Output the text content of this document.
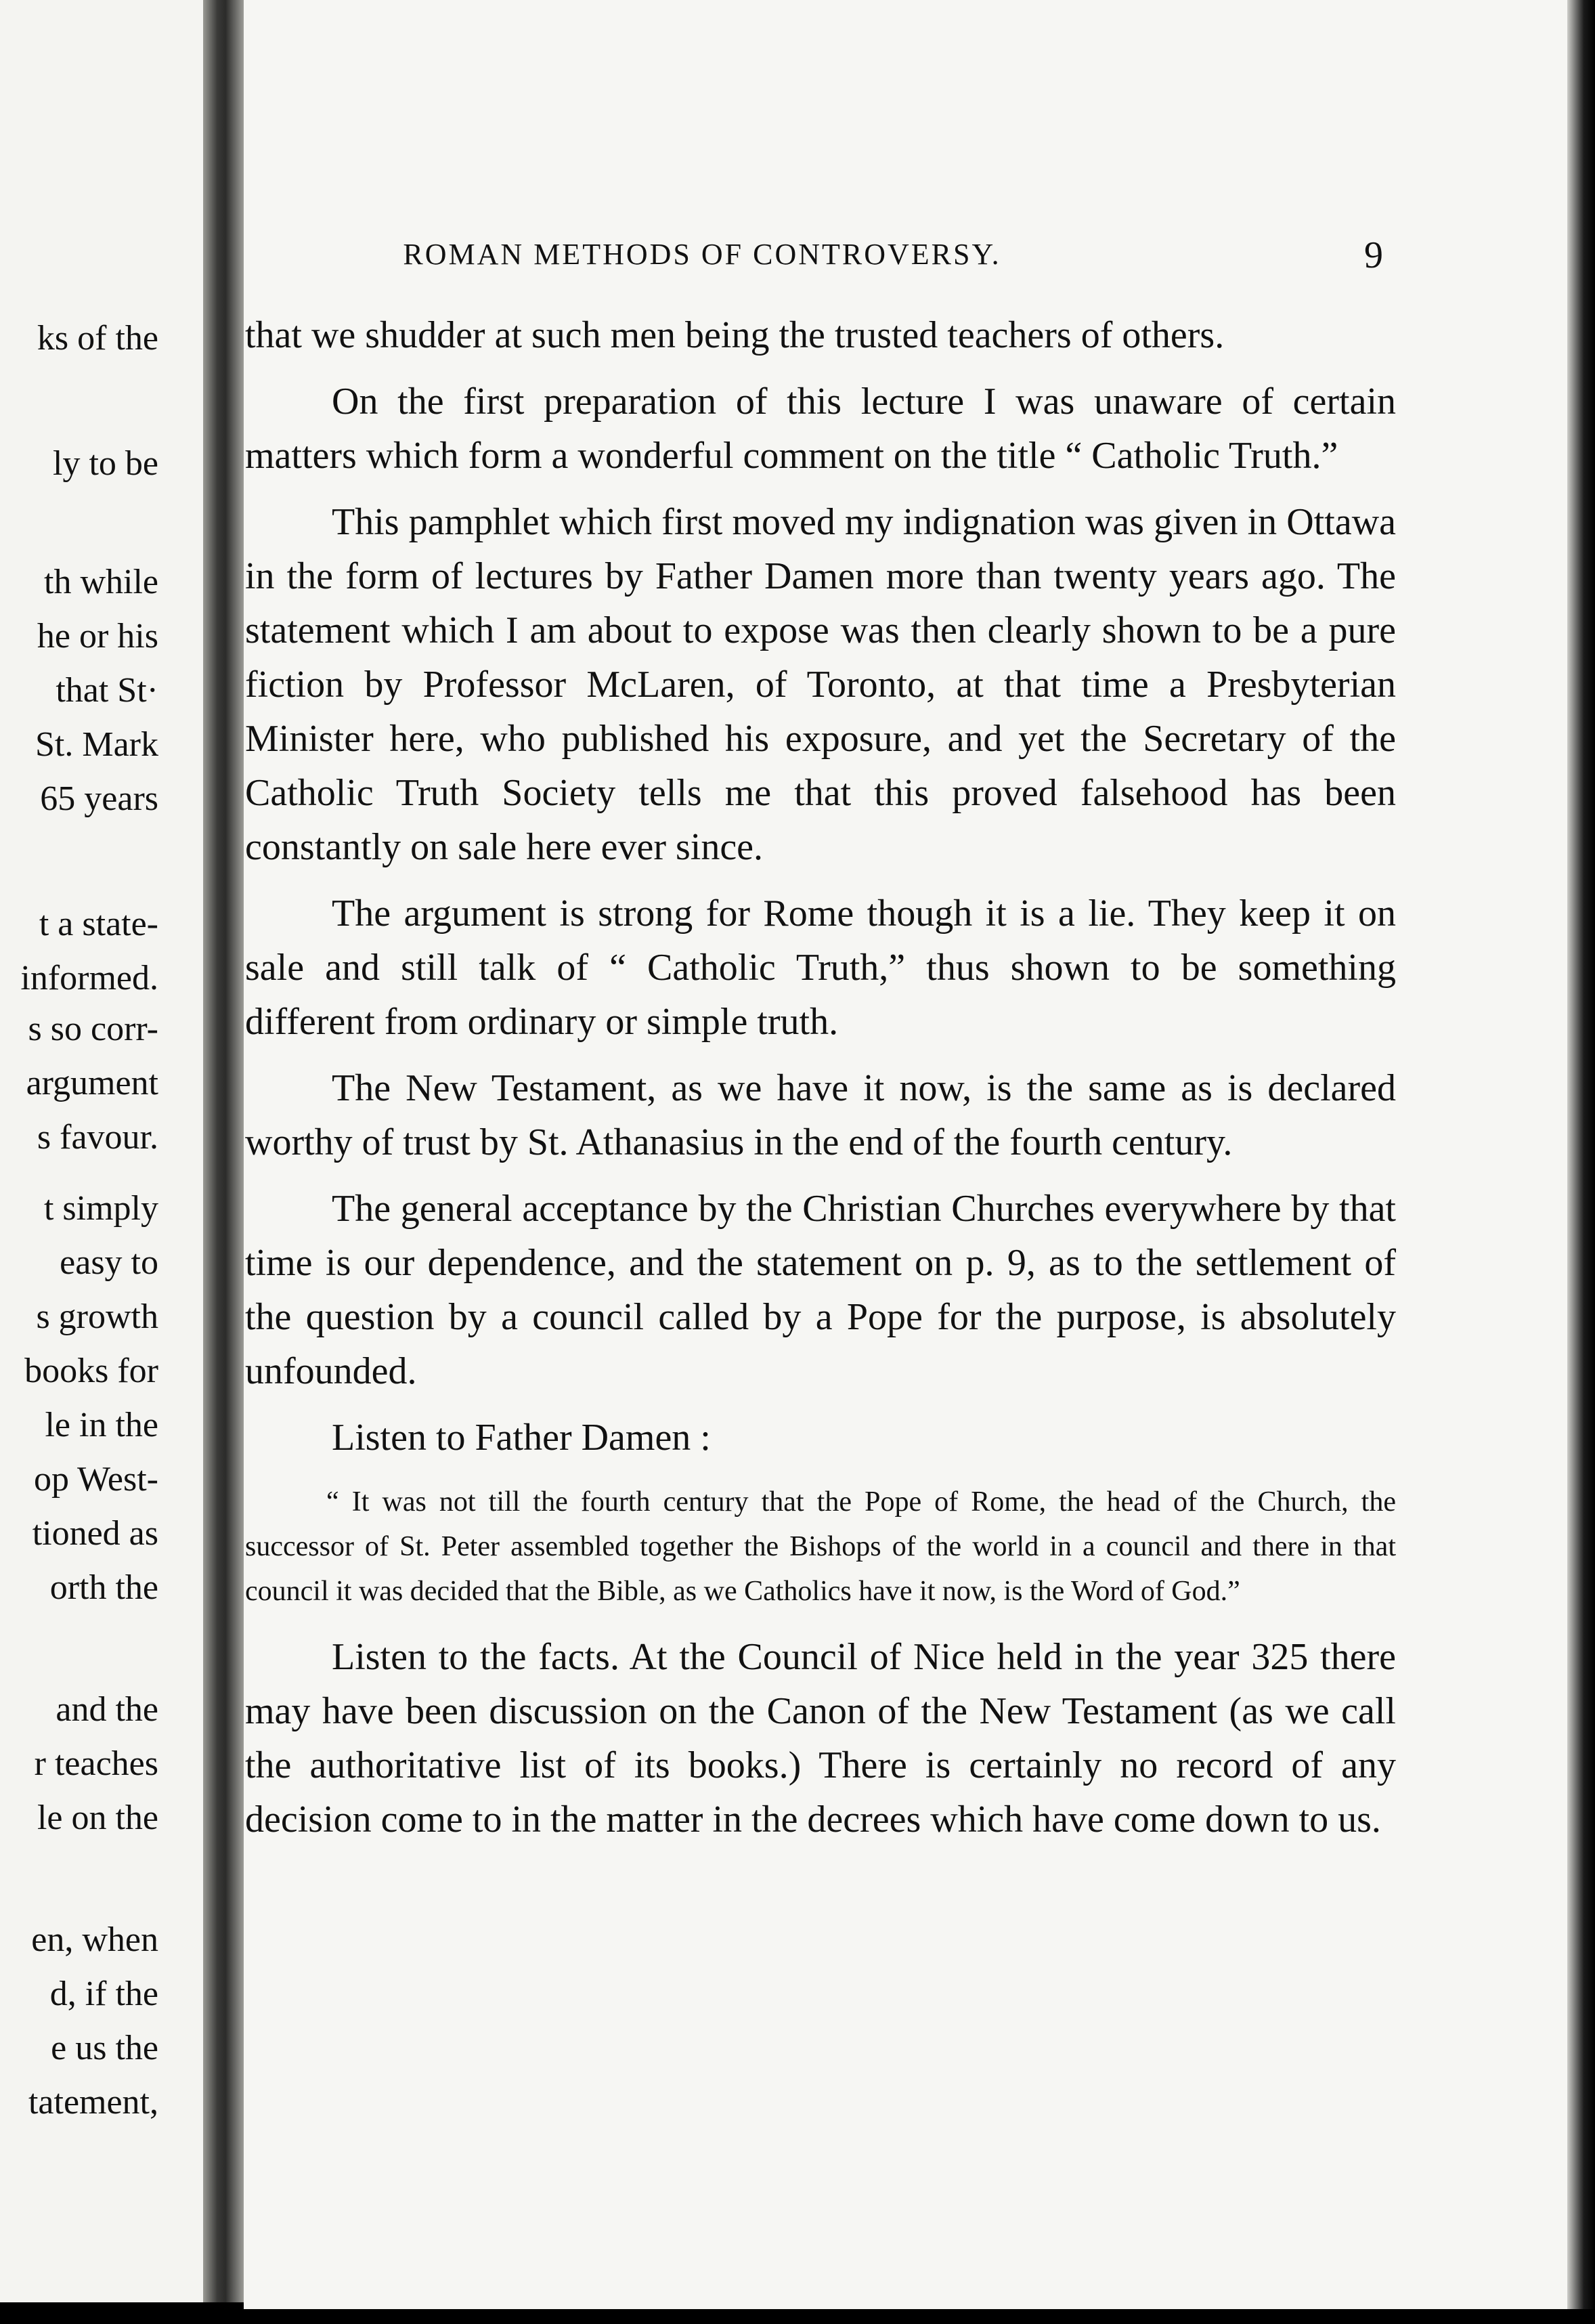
ks of the
ly to be
th while
he or his
that St·
St. Mark
65 years
t a state-
informed.
s so corr-
argument
s favour.
t simply
easy to
s growth
books for
le in the
op West-
tioned as
orth the
and the
r teaches
le on the
en, when
d, if the
e us the
tatement,
ROMAN METHODS OF CONTROVERSY.	9

that we shudder at such men being the trusted teachers of others.

On the first preparation of this lecture I was unaware of certain matters which form a wonderful comment on the title “ Catholic Truth.”

This pamphlet which first moved my indignation was given in Ottawa in the form of lectures by Father Damen more than twenty years ago. The statement which I am about to expose was then clearly shown to be a pure fiction by Professor McLaren, of Toronto, at that time a Presbyterian Minister here, who published his exposure, and yet the Secretary of the Catholic Truth Society tells me that this proved falsehood has been constantly on sale here ever since.

The argument is strong for Rome though it is a lie. They keep it on sale and still talk of “ Catholic Truth,” thus shown to be something different from ordinary or simple truth.

The New Testament, as we have it now, is the same as is declared worthy of trust by St. Athanasius in the end of the fourth century.

The general acceptance by the Christian Churches everywhere by that time is our dependence, and the statement on p. 9, as to the settlement of the question by a council called by a Pope for the purpose, is absolutely unfounded.

Listen to Father Damen :

“ It was not till the fourth century that the Pope of Rome, the head of the Church, the successor of St. Peter assembled together the Bishops of the world in a council and there in that council it was decided that the Bible, as we Catholics have it now, is the Word of God.”

Listen to the facts. At the Council of Nice held in the year 325 there may have been discussion on the Canon of the New Testament (as we call the authoritative list of its books.) There is certainly no record of any decision come to in the matter in the decrees which have come down to us.
